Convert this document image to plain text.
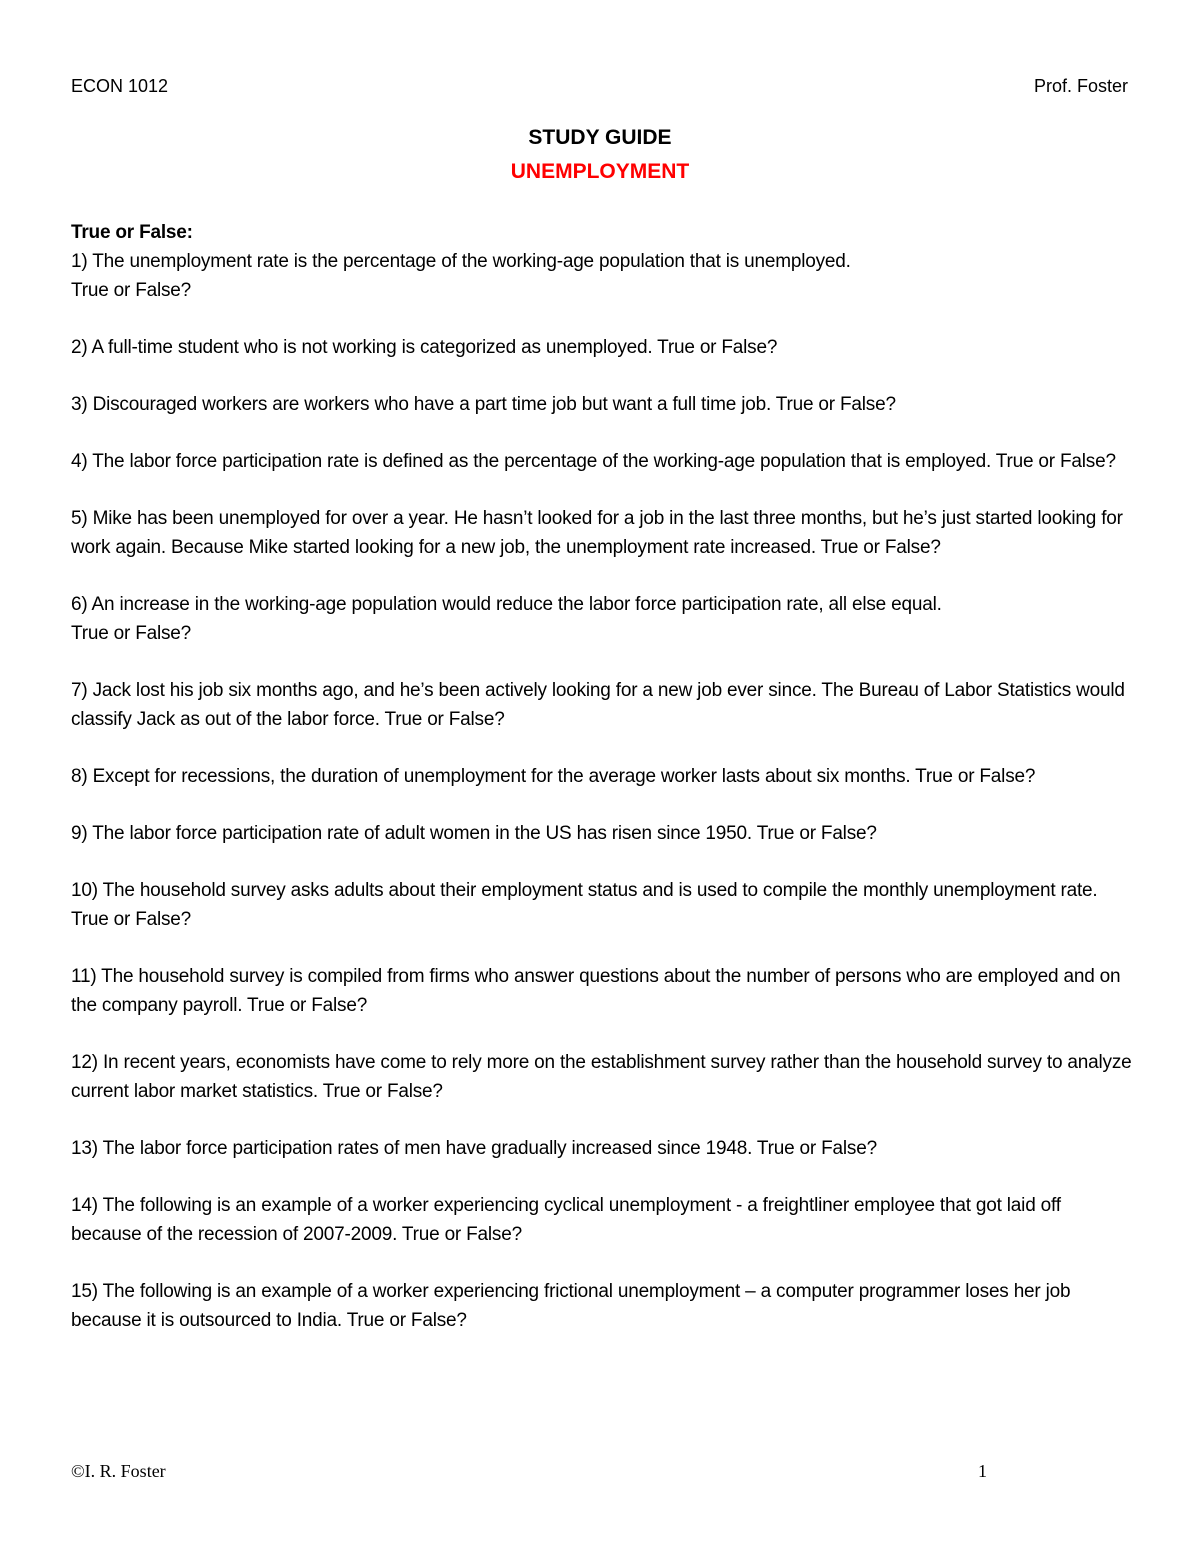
ECON 1012	Prof. Foster
STUDY GUIDE
UNEMPLOYMENT
True or False:
1) The unemployment rate is the percentage of the working-age population that is unemployed.
True or False?
2) A full-time student who is not working is categorized as unemployed. True or False?
3) Discouraged workers are workers who have a part time job but want a full time job. True or False?
4) The labor force participation rate is defined as the percentage of the working-age population that is employed. True or False?
5) Mike has been unemployed for over a year. He hasn’t looked for a job in the last three months, but he’s just started looking for work again. Because Mike started looking for a new job, the unemployment rate increased. True or False?
6) An increase in the working-age population would reduce the labor force participation rate, all else equal.
True or False?
7) Jack lost his job six months ago, and he’s been actively looking for a new job ever since. The Bureau of Labor Statistics would classify Jack as out of the labor force. True or False?
8) Except for recessions, the duration of unemployment for the average worker lasts about six months. True or False?
9) The labor force participation rate of adult women in the US has risen since 1950. True or False?
10) The household survey asks adults about their employment status and is used to compile the monthly unemployment rate. True or False?
11) The household survey is compiled from firms who answer questions about the number of persons who are employed and on the company payroll. True or False?
12) In recent years, economists have come to rely more on the establishment survey rather than the household survey to analyze current labor market statistics. True or False?
13) The labor force participation rates of men have gradually increased since 1948. True or False?
14) The following is an example of a worker experiencing cyclical unemployment - a freightliner employee that got laid off because of the recession of 2007-2009. True or False?
15) The following is an example of a worker experiencing frictional unemployment – a computer programmer loses her job because it is outsourced to India. True or False?
©I. R. Foster	1
